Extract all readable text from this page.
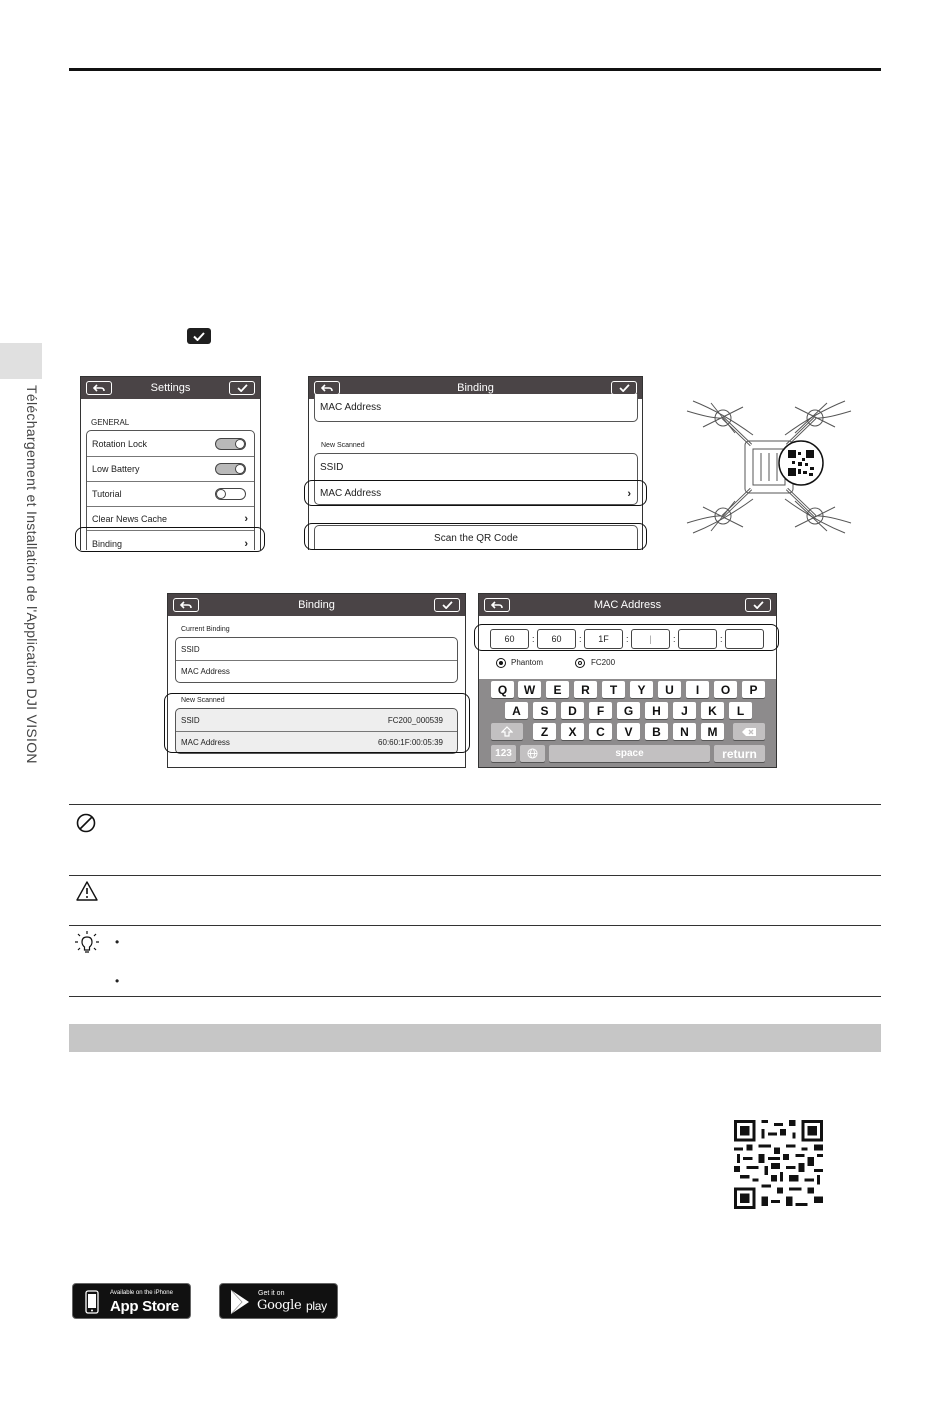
Téléchargement et Installation de l'Application DJI VISION	Settings
GENERAL
Rotation Lock
Low Battery
Tutorial
Clear News Cache	›
Binding	›
Binding
MAC Address
New Scanned
SSID
MAC Address	›
Scan the QR Code
Binding
Current Binding
SSID
MAC Address
New Scanned
SSID	FC200_000539
MAC Address	60:60:1F:00:05:39
MAC Address
60	:	60	:	1F	:	|	:	:
Phantom	FC200
Q	W	E	R	T	Y	U	I	O	P
A	S	D	F	G	H	J	K	L
Z	X	C	V	B	N	M
123	space	return
•
•
Available on the iPhone
App Store
Get it on
Google play
